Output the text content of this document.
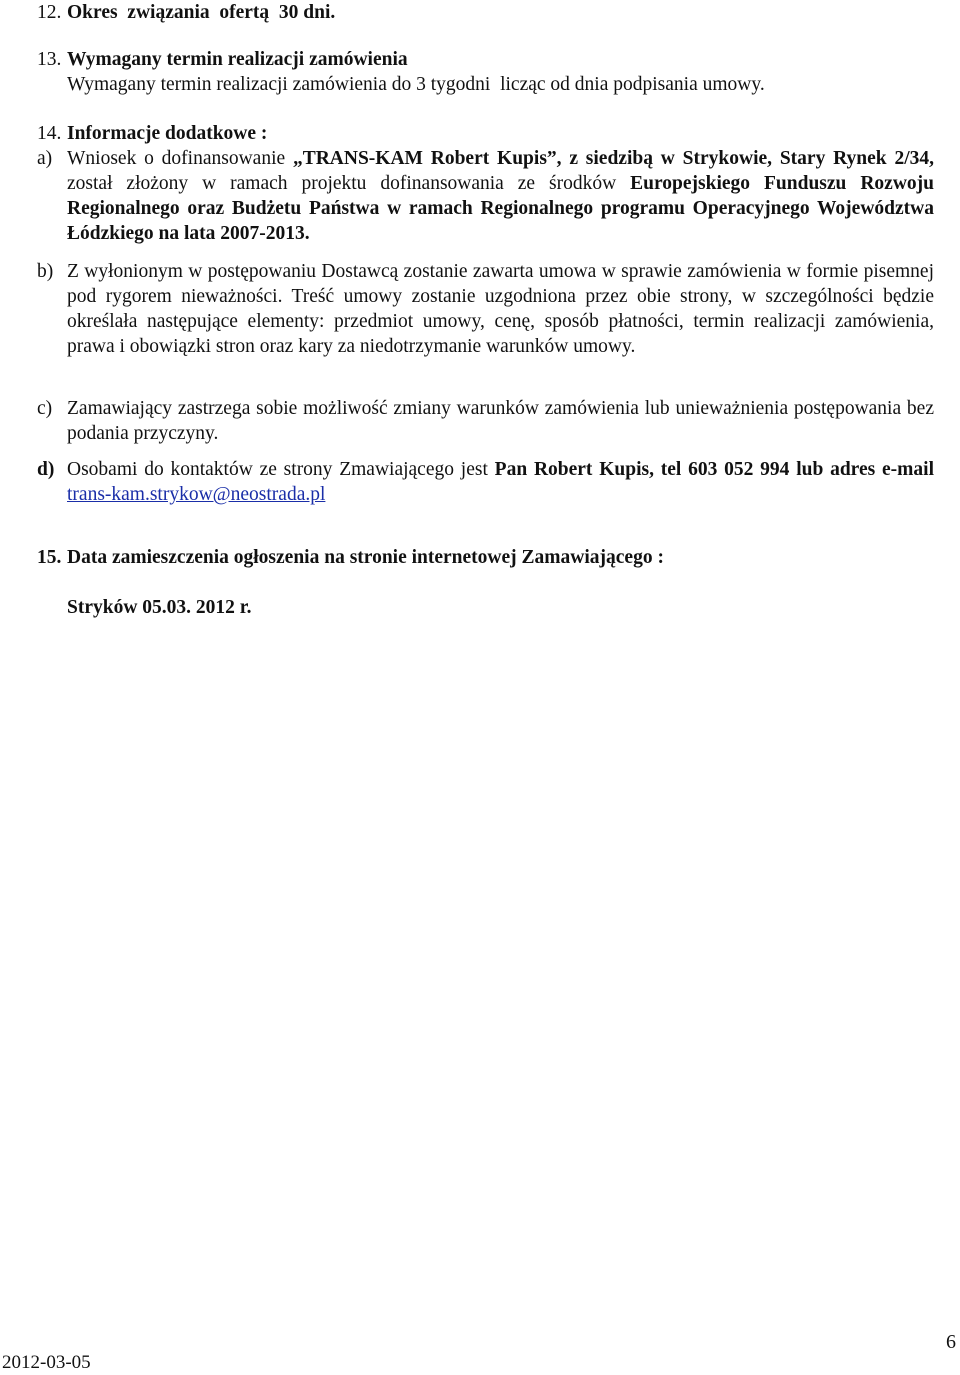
12. Okres  związania  ofertą  30 dni.
13. Wymagany termin realizacji zamówienia
Wymagany termin realizacji zamówienia do 3 tygodni  licząc od dnia podpisania umowy.
14. Informacje dodatkowe :
a) Wniosek o dofinansowanie „TRANS-KAM Robert Kupis”, z siedzibą w Strykowie, Stary Rynek 2/34, został złożony w ramach projektu dofinansowania ze środków Europejskiego Funduszu Rozwoju Regionalnego oraz Budżetu Państwa w ramach Regionalnego programu Operacyjnego Województwa Łódzkiego na lata 2007-2013.
b) Z wyłonionym w postępowaniu Dostawcą zostanie zawarta umowa w sprawie zamówienia w formie pisemnej pod rygorem nieważności. Treść umowy zostanie uzgodniona przez obie strony, w szczególności będzie określała następujące elementy: przedmiot umowy, cenę, sposób płatności, termin realizacji zamówienia, prawa i obowiązki stron oraz kary za niedotrzymanie warunków umowy.
c) Zamawiający zastrzega sobie możliwość zmiany warunków zamówienia lub unieważnienia postępowania bez podania przyczyny.
d) Osobami do kontaktów ze strony Zmawiającego jest Pan Robert Kupis, tel 603 052 994 lub adres e-mail trans-kam.strykow@neostrada.pl
15. Data zamieszczenia ogłoszenia na stronie internetowej Zamawiającego :
Stryków 05.03. 2012 r.
2012-03-05
6
